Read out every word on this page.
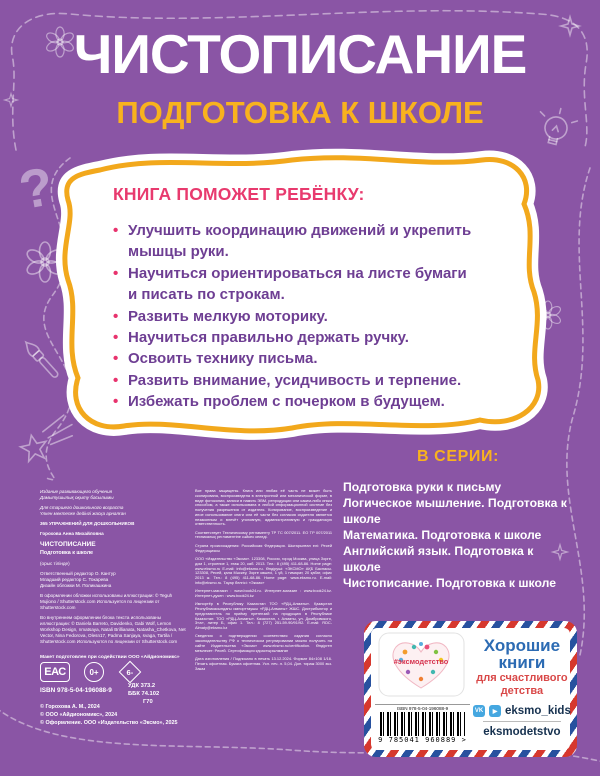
?
ЧИСТОПИСАНИЕ
ПОДГОТОВКА К ШКОЛЕ
КНИГА ПОМОЖЕТ РЕБЁНКУ:
• Улучшить координацию движений и укрепить мышцы руки.
• Научиться ориентироваться на листе бумаги и писать по строкам.
• Развить мелкую моторику.
• Научиться правильно держать ручку.
• Освоить технику письма.
• Развить внимание, усидчивость и терпение.
• Избежать проблем с почерком в будущем.
В СЕРИИ:
Подготовка руки к письму
Логическое мышление. Подготовка к школе
Математика. Подготовка к школе
Английский язык. Подготовка к школе
Чистописание. Подготовка к школе

Издание развивающего обучения

Дамытушылық оқыту басылымы

Для старшего дошкольного возраста

Үлкен мектепке дейінгі жасқа арналған

365 УПРАЖНЕНИЙ ДЛЯ ДОШКОЛЬНИКОВ

Горохова Анна Михайловна

ЧИСТОПИСАНИЕ

Подготовка к школе

(орыс тілінде)

Ответственный редактор О. Кантур

Младший редактор С. Токарева

Дизайн обложки М. Поликашкина

В оформлении обложки использованы иллюстрации: © Teguh Mujiono / Shutterstock.com Используется по лицензии от Shutterstock.com

Во внутреннем оформлении блока текста использованы иллюстрации: © Daniela Barreto, Davidenko, Gabi Wolf, Lemon Workshop Design, nmatsaya, Natali Brillianata, Natasha_Chetkova, Net Vector, Nina Fedorova, Olesn17, Padma Sanjaya, svaga, Tartila / Shutterstock.com Используются по лицензии от Shutterstock.com

Все права защищены. Книга или любая её часть не может быть скопирована, воспроизведена в электронной или механической форме, в виде фотокопии, записи в память ЭВМ, репродукции или каким-либо иным способом, а также использована в любой информационной системе без получения разрешения от издателя. Копирование, воспроизведение и иное использование книги или её части без согласия издателя является незаконным и влечёт уголовную, административную и гражданскую ответственность.

Соответствует Техническому регламенту ТР ТС 007/2011. ЕО ТР 007/2011 техникалық регламентіне сәйкес келеді.

Страна происхождения: Российская Федерация. Шығарылған елі: Ресей Федерациясы

ООО «Издательство «Эксмо». 123308, Россия, город Москва, улица Зорге, дом 1, строение 1, этаж 20, каб. 2013. Тел.: 8 (495) 411-68-86. Home page: www.eksmo.ru E-mail: info@eksmo.ru. Өндіруші: «ЭКСМО» АҚБ Баспасы. 123308, Ресей, қала Мәскеу, Зорге көшесі, 1 үй, 1 ғимарат, 20 қабат, офис 2013 ж. Тел.: 8 (495) 411-68-86. Home page: www.eksmo.ru. E-mail: info@eksmo.ru. Тауар белгісі: «Эксмо»

Интернет-магазин : www.book24.ru. Интернет-магазин : www.book24.kz. Интернет-дүкен : www.book24.kz

Импортёр в Республику Казахстан ТОО «РДЦ-Алматы». Қазақстан Республикасындағы импорттаушы «РДЦ-Алматы» ЖШС. Дистрибьютор и представитель по приёму претензий на продукцию в Республике Казахстан: ТОО «РДЦ-Алматы». Казахстан, г. Алматы, ул. Домбровского, 3«а», литер Б, офис 1. Тел.: 8 (727) 251-59-90/91/92. E-mail: RDC-Almaty@eksmo.kz

Сведения о подтверждении соответствия издания согласно законодательству РФ о техническом регулировании можно получить на сайте Издательства «Эксмо» www.eksmo.ru/certification. Өндірген мемлекет: Ресей. Сертификация қарастырылмаған

Дата изготовления / Подписано в печать 13.12.2024. Формат 84×108 1/16. Печать офсетная. Бумага офсетная. Усл. печ. л. 5,04. Доп. тираж 3000 экз. Заказ

Макет подготовлен при содействии ООО «Айдиономикс»
ЕАС	0+	6-
ISBN 978-5-04-196088-9
УДК 373.2
ББК 74.102
Г70
© Горохова А. М., 2024
© ООО «Айдиономикс», 2024
© Оформление. ООО «Издательство «Эксмо», 2025
#эксмодетство
ISBN 978-5-04-196088-9
9 785041 960889 >
Хорошие
книги
для счастливого
детства
VK	▶ eksmo_kids
eksmodetstvo
